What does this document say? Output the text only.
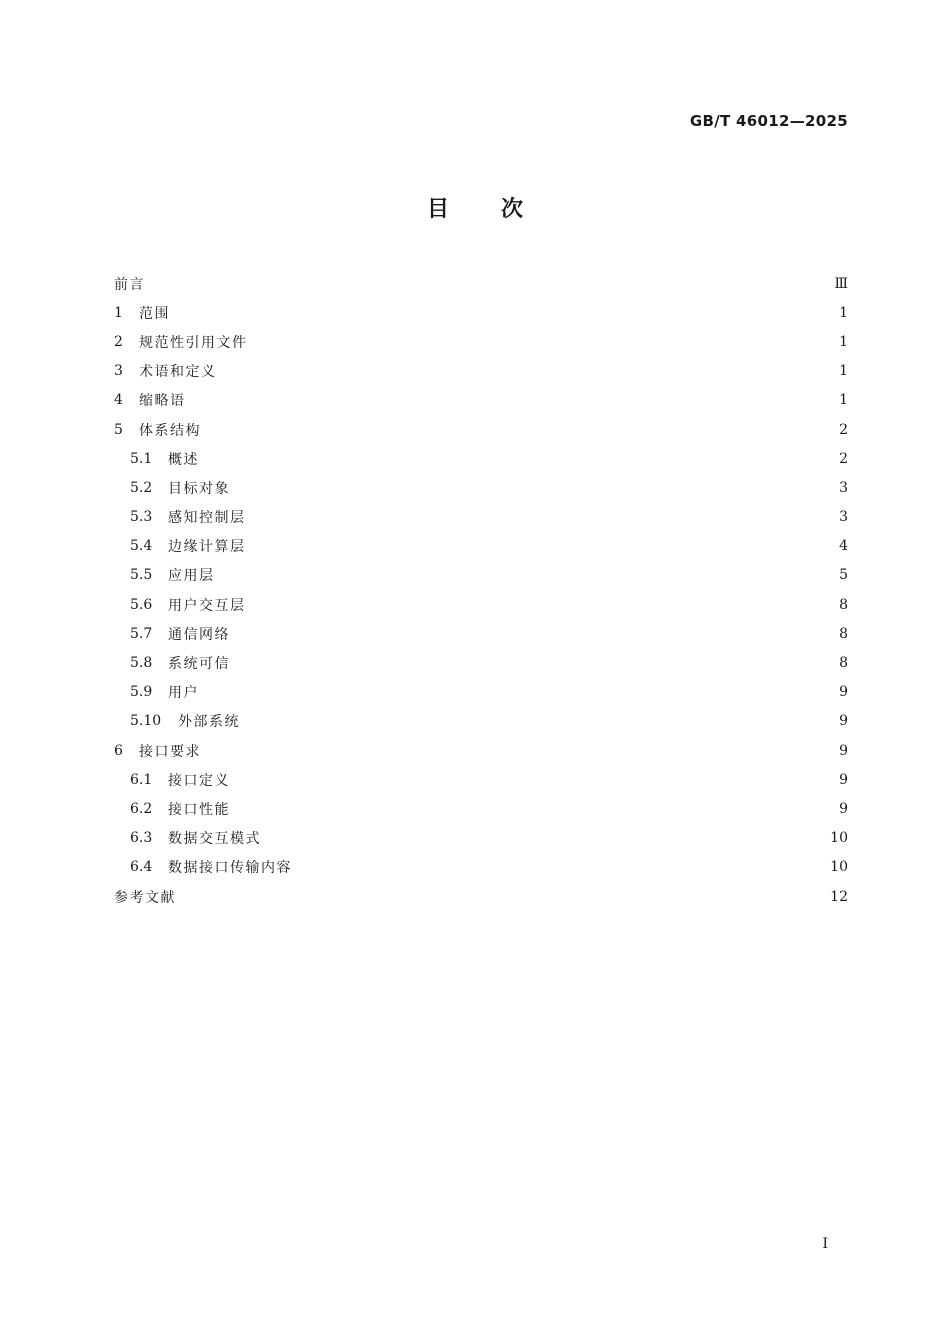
GB/T 46012—2025
目 次
前言	Ⅲ
1	范围	1
2	规范性引用文件	1
3	术语和定义	1
4	缩略语	1
5	体系结构	2
5.1	概述	2
5.2	目标对象	3
5.3	感知控制层	3
5.4	边缘计算层	4
5.5	应用层	5
5.6	用户交互层	8
5.7	通信网络	8
5.8	系统可信	8
5.9	用户	9
5.10	外部系统	9
6	接口要求	9
6.1	接口定义	9
6.2	接口性能	9
6.3	数据交互模式	10
6.4	数据接口传输内容	10
参考文献	12
I
